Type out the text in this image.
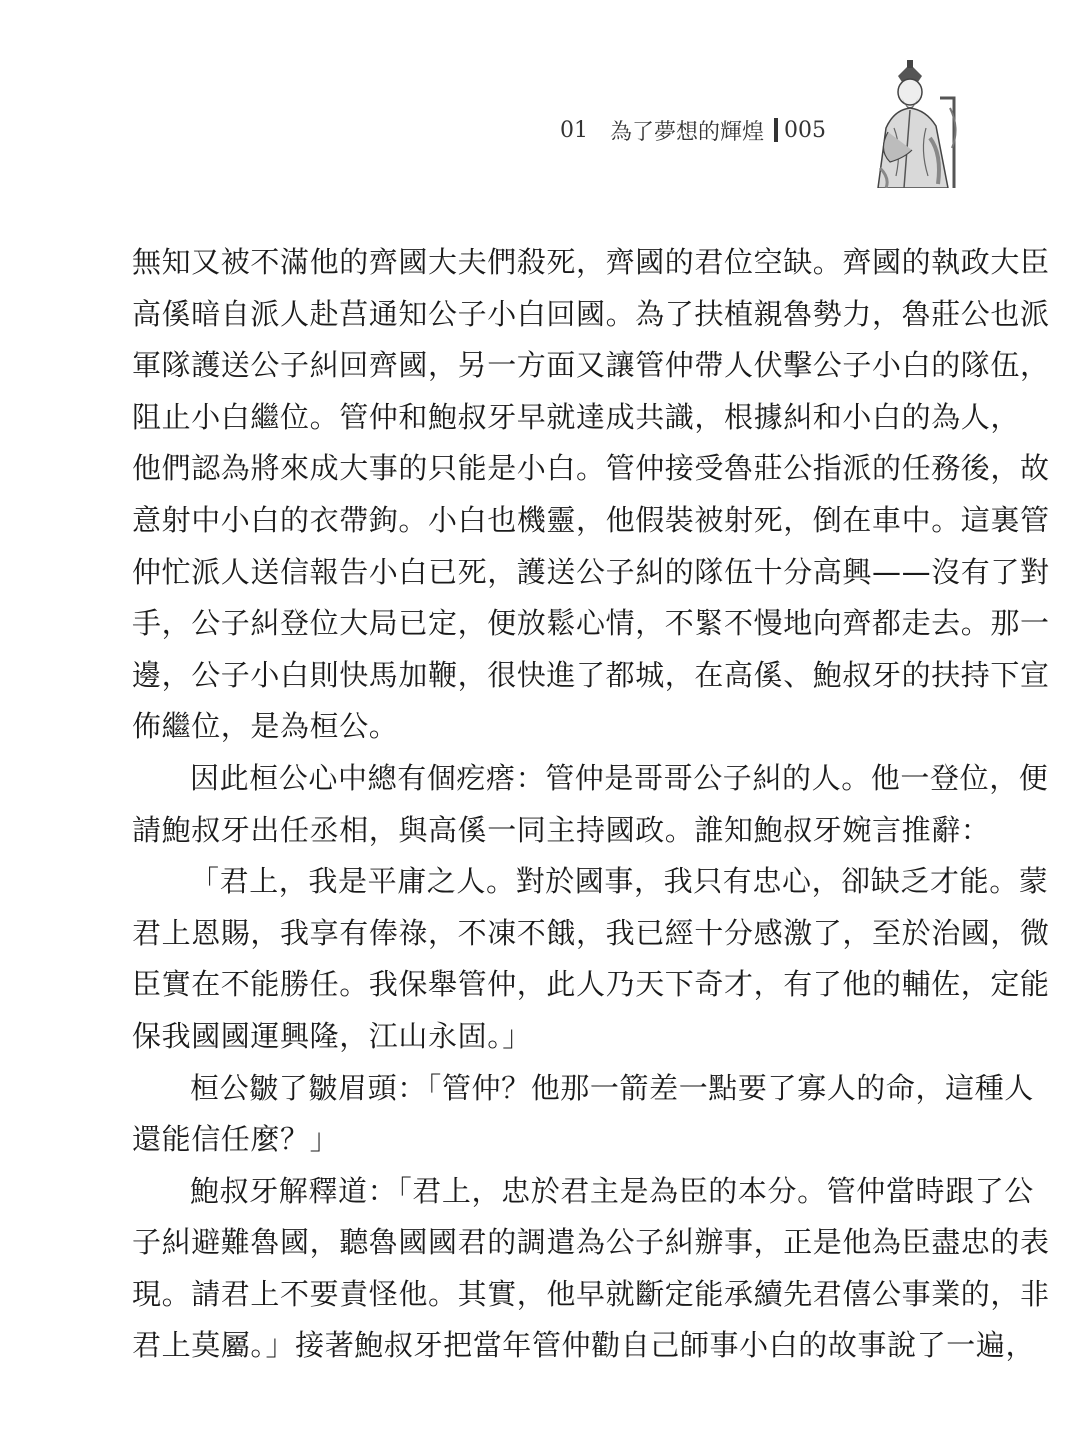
01 為了夢想的輝煌 005

無知又被不滿他的齊國大夫們殺死，齊國的君位空缺。齊國的執政大臣
高傒暗自派人赴莒通知公子小白回國。為了扶植親魯勢力，魯莊公也派
軍隊護送公子糾回齊國，另一方面又讓管仲帶人伏擊公子小白的隊伍，
阻止小白繼位。管仲和鮑叔牙早就達成共識，根據糾和小白的為人，
他們認為將來成大事的只能是小白。管仲接受魯莊公指派的任務後，故
意射中小白的衣帶鉤。小白也機靈，他假裝被射死，倒在車中。這裏管
仲忙派人送信報告小白已死，護送公子糾的隊伍十分高興——沒有了對
手，公子糾登位大局已定，便放鬆心情，不緊不慢地向齊都走去。那一
邊，公子小白則快馬加鞭，很快進了都城，在高傒、鮑叔牙的扶持下宣
佈繼位，是為桓公。

因此桓公心中總有個疙瘩：管仲是哥哥公子糾的人。他一登位，便
請鮑叔牙出任丞相，與高傒一同主持國政。誰知鮑叔牙婉言推辭：

「君上，我是平庸之人。對於國事，我只有忠心，卻缺乏才能。蒙
君上恩賜，我享有俸祿，不凍不餓，我已經十分感激了，至於治國，微
臣實在不能勝任。我保舉管仲，此人乃天下奇才，有了他的輔佐，定能
保我國國運興隆，江山永固。」

桓公皺了皺眉頭：「管仲？他那一箭差一點要了寡人的命，這種人
還能信任麼？」

鮑叔牙解釋道：「君上，忠於君主是為臣的本分。管仲當時跟了公
子糾避難魯國，聽魯國國君的調遣為公子糾辦事，正是他為臣盡忠的表
現。請君上不要責怪他。其實，他早就斷定能承續先君僖公事業的，非
君上莫屬。」接著鮑叔牙把當年管仲勸自己師事小白的故事說了一遍，
